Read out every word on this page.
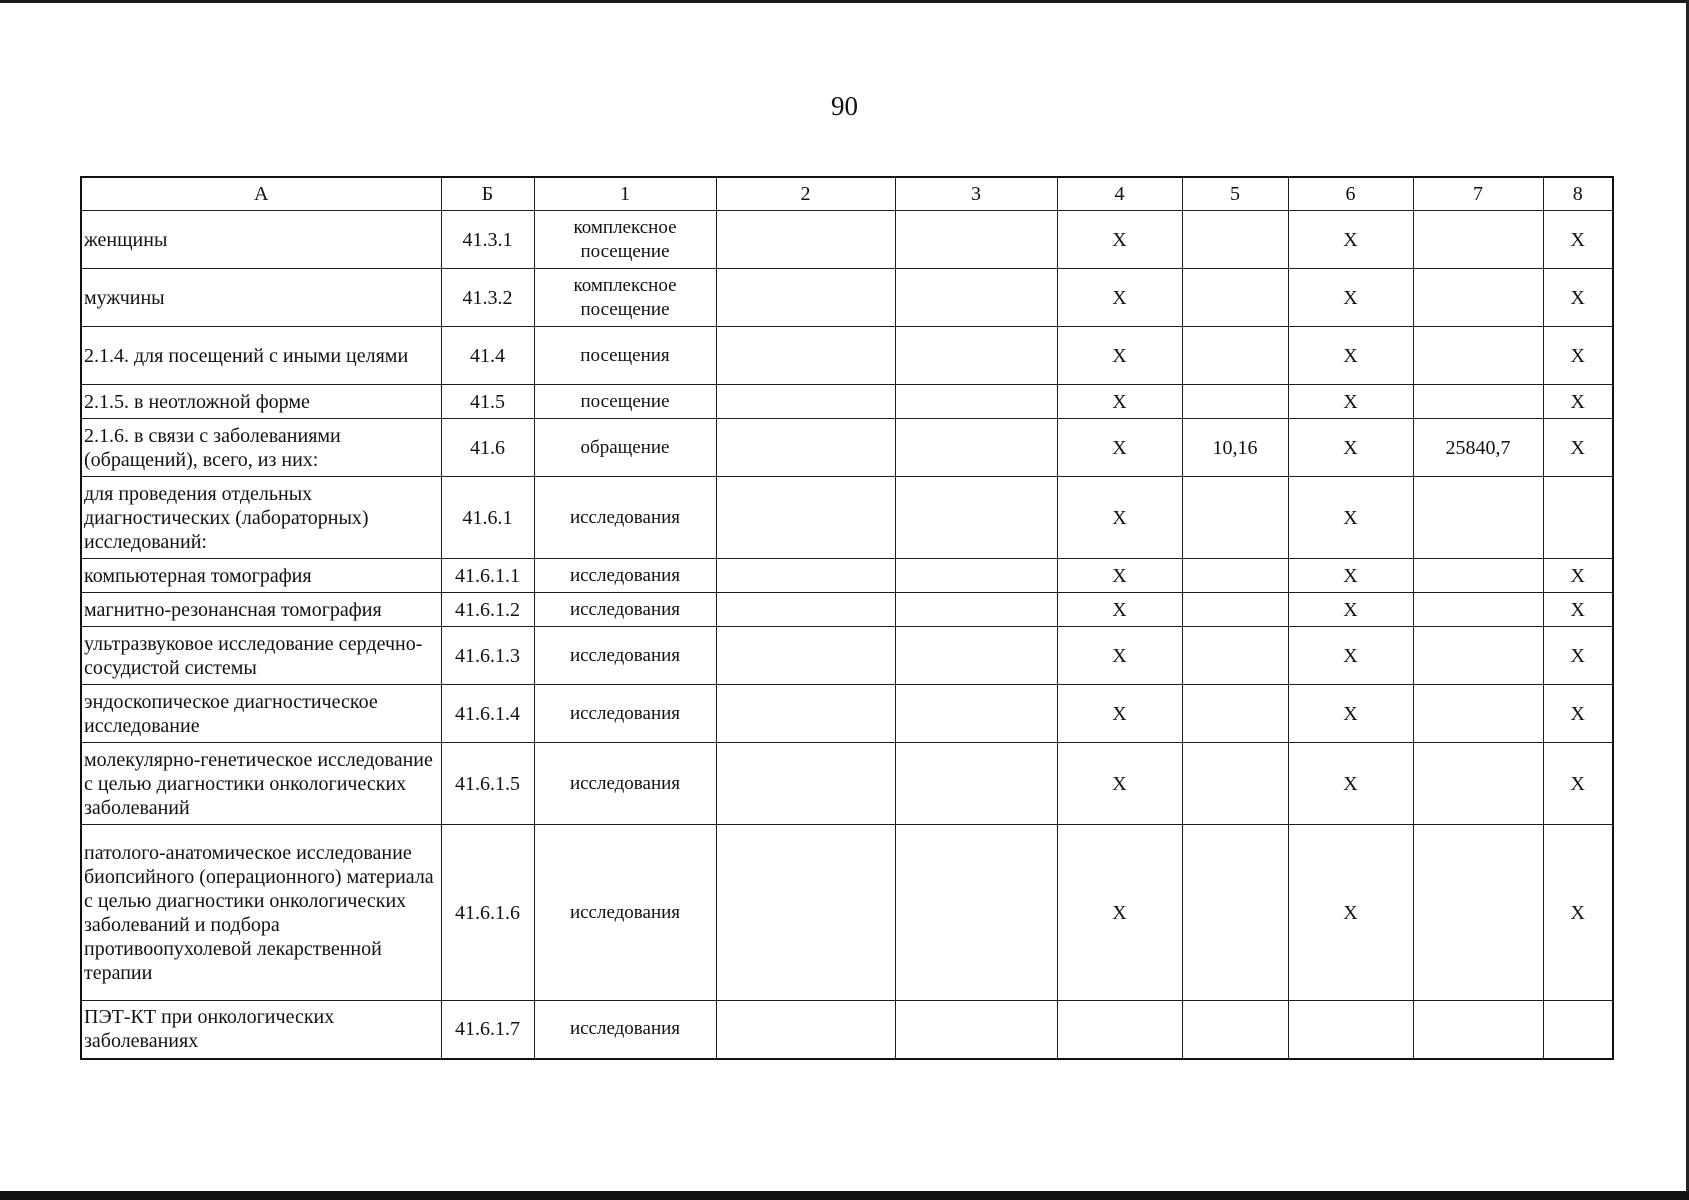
90
А	Б	1	2	3	4	5	6	7	8
женщины	41.3.1	комплексное посещение			X		X		X
мужчины	41.3.2	комплексное посещение			X		X		X
2.1.4. для посещений с иными целями	41.4	посещения			X		X		X
2.1.5. в неотложной форме	41.5	посещение			X		X		X
2.1.6. в связи с заболеваниями (обращений), всего, из них:	41.6	обращение			X	10,16	X	25840,7	X
для проведения отдельных диагностических (лабораторных) исследований:	41.6.1	исследования			X		X		
компьютерная томография	41.6.1.1	исследования			X		X		X
магнитно-резонансная томография	41.6.1.2	исследования			X		X		X
ультразвуковое исследование сердечно-сосудистой системы	41.6.1.3	исследования			X		X		X
эндоскопическое диагностическое исследование	41.6.1.4	исследования			X		X		X
молекулярно-генетическое исследование с целью диагностики онкологических заболеваний	41.6.1.5	исследования			X		X		X
патолого-анатомическое исследование биопсийного (операционного) материала с целью диагностики онкологических заболеваний и подбора противоопухолевой лекарственной терапии	41.6.1.6	исследования			X		X		X
ПЭТ-КТ при онкологических заболеваниях	41.6.1.7	исследования							
